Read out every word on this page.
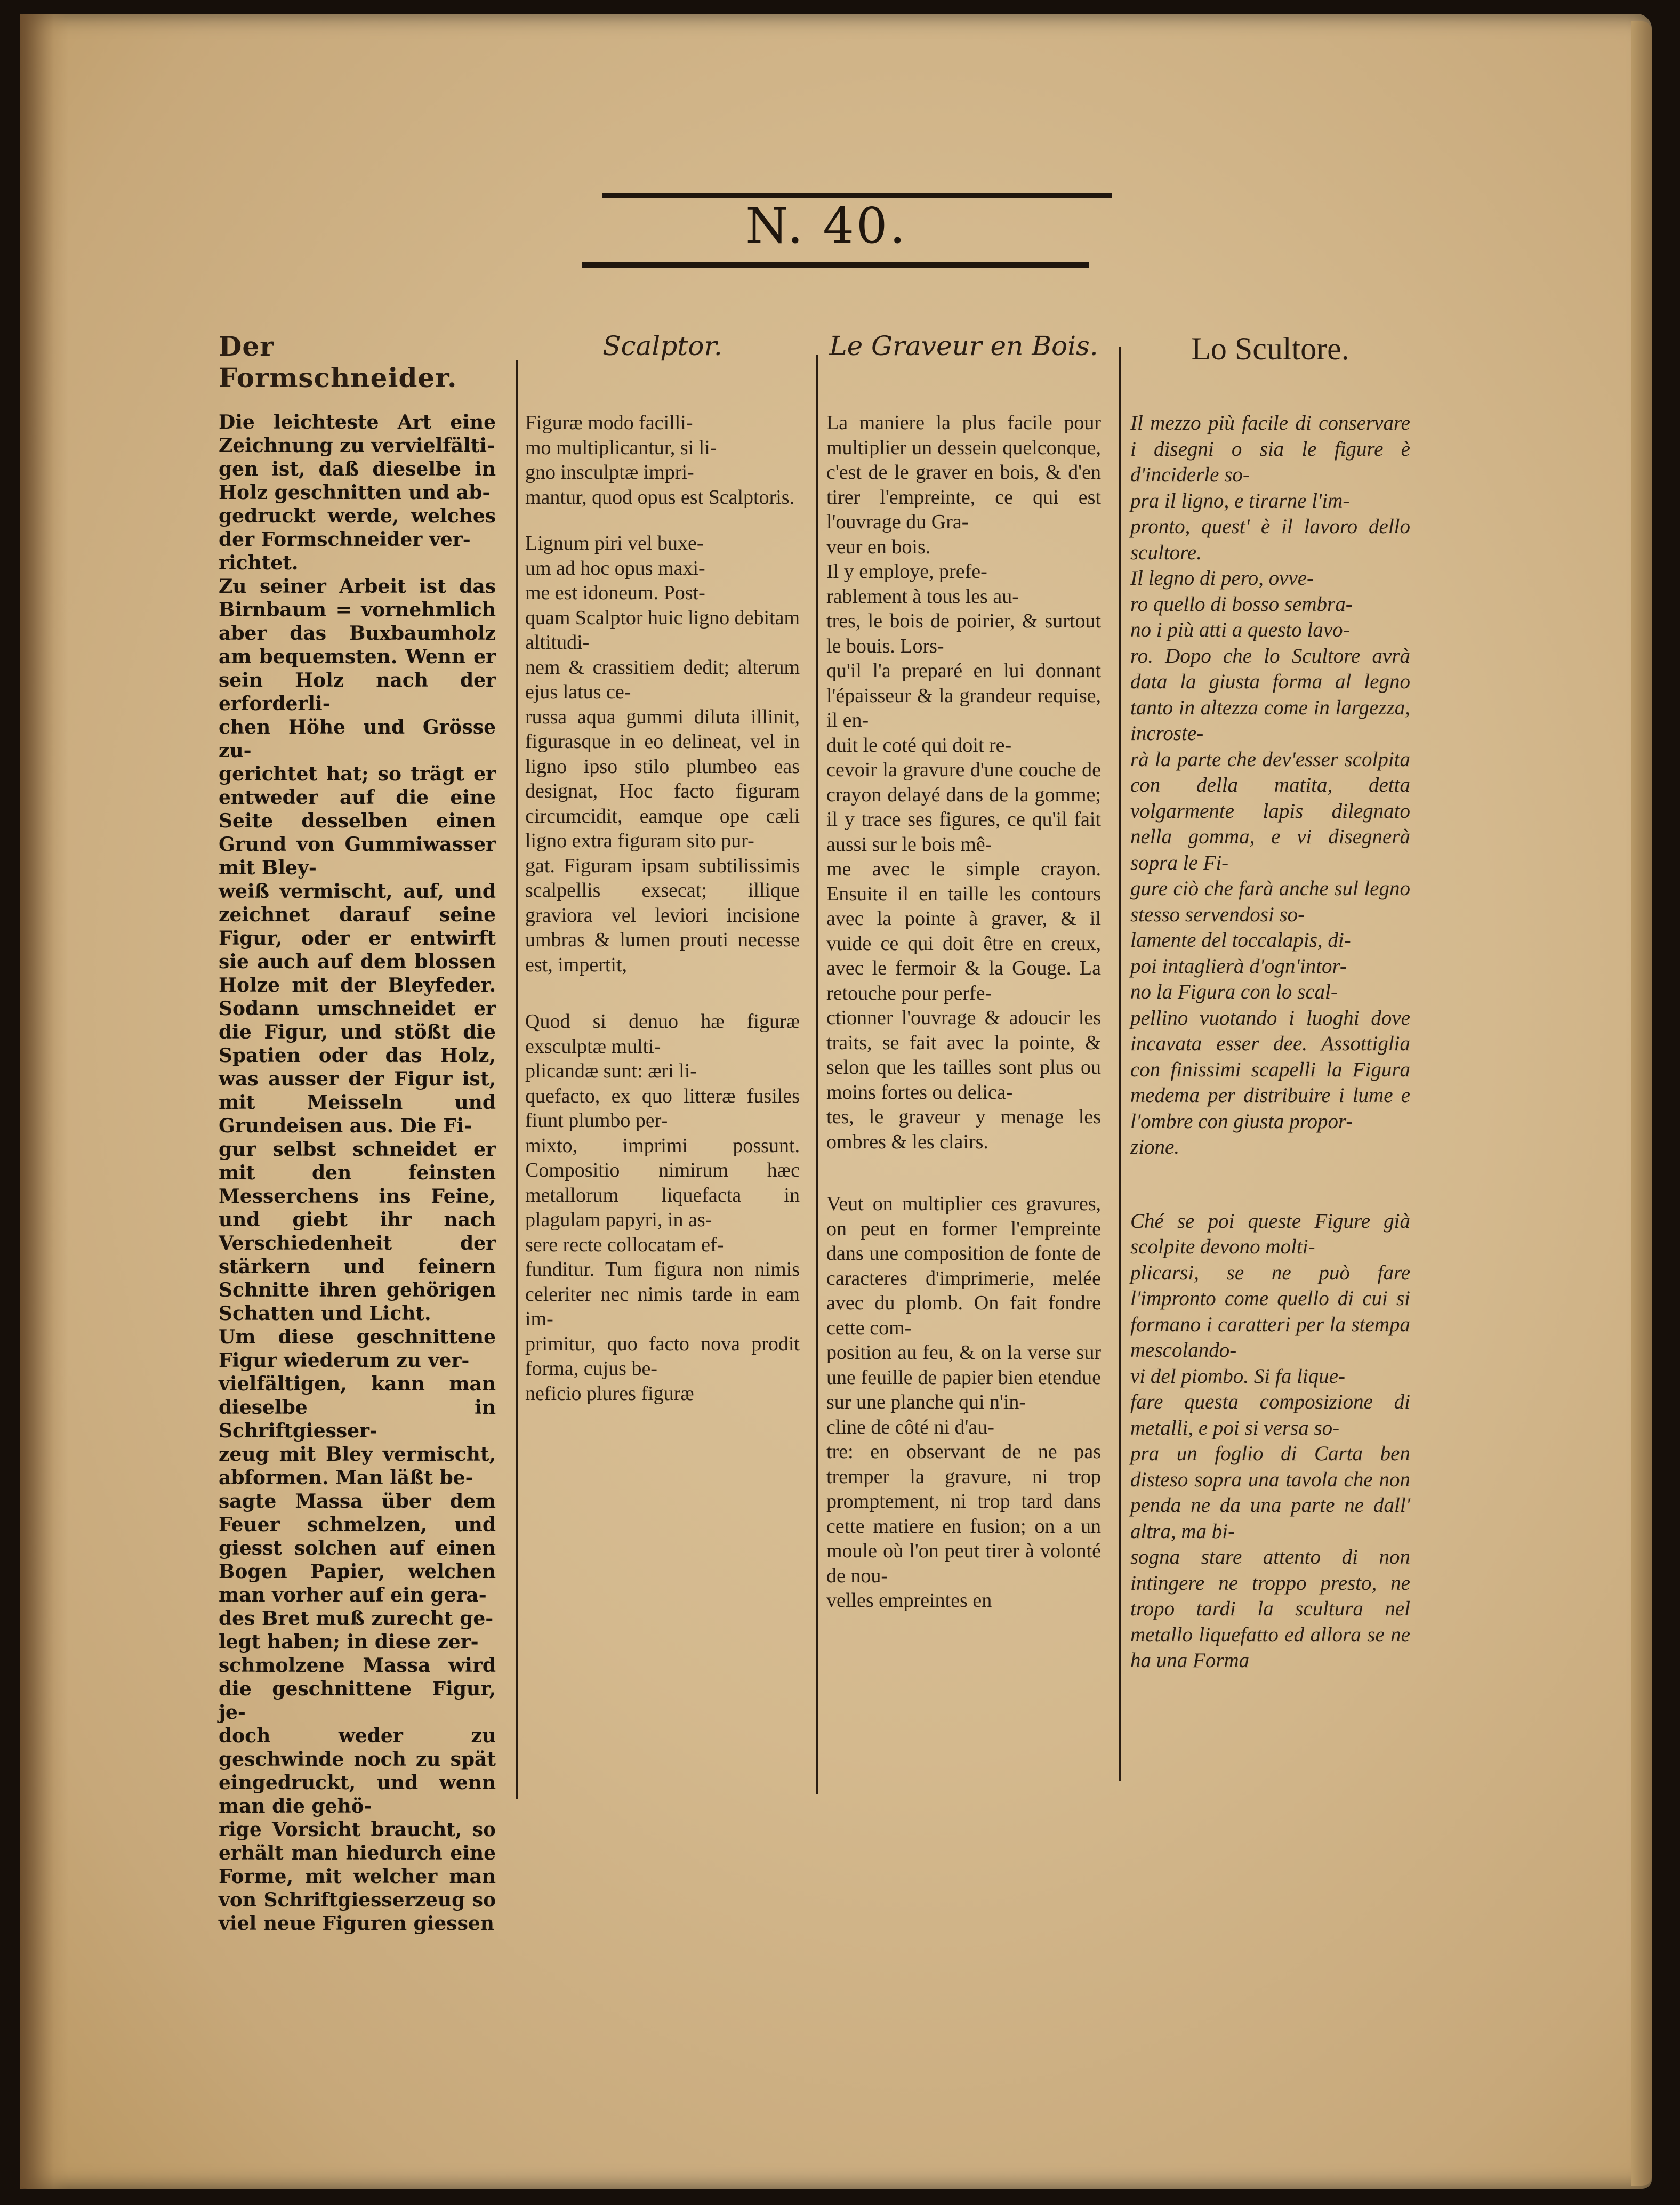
N. 40.
Der Formschneider.
Die leichteste Art eine Zeichnung zu vervielfälti-
gen ist, daß dieselbe in Holz geschnitten und ab-
gedruckt werde, welches der Formschneider ver-
richtet.
Zu seiner Arbeit ist das Birnbaum = vornehmlich aber das Buxbaumholz am bequemsten. Wenn er sein Holz nach der erforderli-
chen Höhe und Grösse zu-
gerichtet hat; so trägt er entweder auf die eine Seite desselben einen Grund von Gummiwasser mit Bley-
weiß vermischt, auf, und zeichnet darauf seine Figur, oder er entwirft sie auch auf dem blossen Holze mit der Bleyfeder. Sodann umschneidet er die Figur, und stößt die Spatien oder das Holz, was ausser der Figur ist, mit Meisseln und Grundeisen aus. Die Fi-
gur selbst schneidet er mit den feinsten Messerchens ins Feine, und giebt ihr nach Verschiedenheit der stärkern und feinern Schnitte ihren gehörigen Schatten und Licht.
Um diese geschnittene Figur wiederum zu ver-
vielfältigen, kann man dieselbe in Schriftgiesser-
zeug mit Bley vermischt, abformen. Man läßt be-
sagte Massa über dem Feuer schmelzen, und giesst solchen auf einen Bogen Papier, welchen man vorher auf ein gera-
des Bret muß zurecht ge-
legt haben; in diese zer-
schmolzene Massa wird die geschnittene Figur, je-
doch weder zu geschwinde noch zu spät eingedruckt, und wenn man die gehö-
rige Vorsicht braucht, so erhält man hiedurch eine Forme, mit welcher man von Schriftgiesserzeug so viel neue Figuren giessen
Scalptor.
Figuræ modo facilli-
mo multiplicantur, si li-
gno insculptæ impri-
mantur, quod opus est Scalptoris.
Lignum piri vel buxe-
um ad hoc opus maxi-
me est idoneum. Post-
quam Scalptor huic ligno debitam altitudi-
nem & crassitiem dedit; alterum ejus latus ce-
russa aqua gummi diluta illinit, figurasque in eo delineat, vel in ligno ipso stilo plumbeo eas designat, Hoc facto figuram circumcidit, eamque ope cæli ligno extra figuram sito pur-
gat. Figuram ipsam subtilissimis scalpellis exsecat; illique graviora vel leviori incisione umbras & lumen prouti necesse est, impertit,
Quod si denuo hæ figuræ exsculptæ multi-
plicandæ sunt: æri li-
quefacto, ex quo litteræ fusiles fiunt plumbo per-
mixto, imprimi possunt. Compositio nimirum hæc metallorum liquefacta in plagulam papyri, in as-
sere recte collocatam ef-
funditur. Tum figura non nimis celeriter nec nimis tarde in eam im-
primitur, quo facto nova prodit forma, cujus be-
neficio plures figuræ
Le Graveur en Bois.
La maniere la plus facile pour multiplier un dessein quelconque, c'est de le graver en bois, & d'en tirer l'empreinte, ce qui est l'ouvrage du Gra-
veur en bois.
Il y employe, prefe-
rablement à tous les au-
tres, le bois de poirier, & surtout le bouis. Lors-
qu'il l'a preparé en lui donnant l'épaisseur & la grandeur requise, il en-
duit le coté qui doit re-
cevoir la gravure d'une couche de crayon delayé dans de la gomme; il y trace ses figures, ce qu'il fait aussi sur le bois mê-
me avec le simple crayon. Ensuite il en taille les contours avec la pointe à graver, & il vuide ce qui doit être en creux, avec le fermoir & la Gouge. La retouche pour perfe-
ctionner l'ouvrage & adoucir les traits, se fait avec la pointe, & selon que les tailles sont plus ou moins fortes ou delica-
tes, le graveur y menage les ombres & les clairs.
Veut on multiplier ces gravures, on peut en former l'empreinte dans une composition de fonte de caracteres d'imprimerie, melée avec du plomb. On fait fondre cette com-
position au feu, & on la verse sur une feuille de papier bien etendue sur une planche qui n'in-
cline de côté ni d'au-
tre: en observant de ne pas tremper la gravure, ni trop promptement, ni trop tard dans cette matiere en fusion; on a un moule où l'on peut tirer à volonté de nou-
velles empreintes en
Lo Scultore.
Il mezzo più facile di conservare i disegni o sia le figure è d'inciderle so-
pra il ligno, e tirarne l'im-
pronto, quest' è il lavoro dello scultore.
Il legno di pero, ovve-
ro quello di bosso sembra-
no i più atti a questo lavo-
ro. Dopo che lo Scultore avrà data la giusta forma al legno tanto in altezza come in largezza, incroste-
rà la parte che dev'esser scolpita con della matita, detta volgarmente lapis dilegnato nella gomma, e vi disegnerà sopra le Fi-
gure ciò che farà anche sul legno stesso servendosi so-
lamente del toccalapis, di-
poi intaglierà d'ogn'intor-
no la Figura con lo scal-
pellino vuotando i luoghi dove incavata esser dee. Assottiglia con finissimi scapelli la Figura medema per distribuire i lume e l'ombre con giusta propor-
zione.
Ché se poi queste Figure già scolpite devono molti-
plicarsi, se ne può fare l'impronto come quello di cui si formano i caratteri per la stempa mescolando-
vi del piombo. Si fa lique-
fare questa composizione di metalli, e poi si versa so-
pra un foglio di Carta ben disteso sopra una tavola che non penda ne da una parte ne dall' altra, ma bi-
sogna stare attento di non intingere ne troppo presto, ne tropo tardi la scultura nel metallo liquefatto ed allora se ne ha una Forma
